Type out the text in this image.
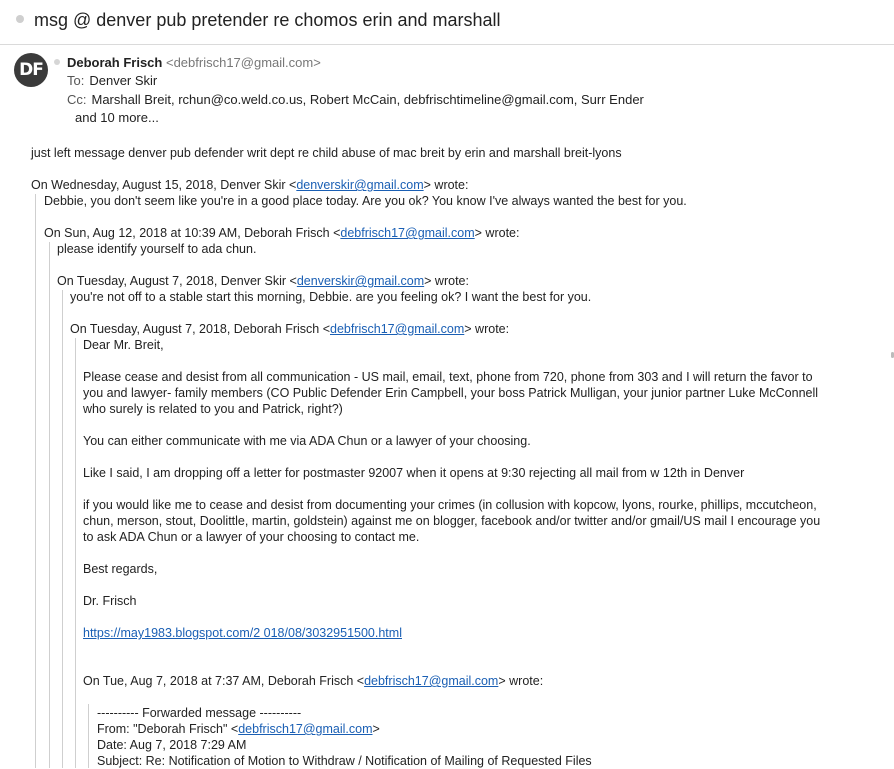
msg @ denver pub pretender re chomos erin and marshall
DF	Deborah Frisch <debfrisch17@gmail.com>
To: Denver Skir
Cc: Marshall Breit, rchun@co.weld.co.us, Robert McCain, debfrischtimeline@gmail.com, Surr Ender
and 10 more...
just left message denver pub defender writ dept re child abuse of mac breit by erin and marshall breit-lyons
On Wednesday, August 15, 2018, Denver Skir <denverskir@gmail.com> wrote:
Debbie, you don't seem like you're in a good place today. Are you ok? You know I've always wanted the best for you.
On Sun, Aug 12, 2018 at 10:39 AM, Deborah Frisch <debfrisch17@gmail.com> wrote:
please identify yourself to ada chun.
On Tuesday, August 7, 2018, Denver Skir <denverskir@gmail.com> wrote:
you're not off to a stable start this morning, Debbie. are you feeling ok? I want the best for you.
On Tuesday, August 7, 2018, Deborah Frisch <debfrisch17@gmail.com> wrote:
Dear Mr. Breit,
Please cease and desist from all communication - US mail, email, text, phone from 720, phone from 303 and I will return the favor to
you and lawyer- family members (CO Public Defender Erin Campbell, your boss Patrick Mulligan, your junior partner Luke McConnell
who surely is related to you and Patrick, right?)
You can either communicate with me via ADA Chun or a lawyer of your choosing.
Like I said, I am dropping off a letter for postmaster 92007 when it opens at 9:30 rejecting all mail from w 12th in Denver
if you would like me to cease and desist from documenting your crimes (in collusion with kopcow, lyons, rourke, phillips, mccutcheon,
chun, merson, stout, Doolittle, martin, goldstein) against me on blogger, facebook and/or twitter and/or gmail/US mail I encourage you
to ask ADA Chun or a lawyer of your choosing to contact me.
Best regards,
Dr. Frisch
https://may1983.blogspot.com/2 018/08/3032951500.html
On Tue, Aug 7, 2018 at 7:37 AM, Deborah Frisch <debfrisch17@gmail.com> wrote:
---------- Forwarded message ----------
From: "Deborah Frisch" <debfrisch17@gmail.com>
Date: Aug 7, 2018 7:29 AM
Subject: Re: Notification of Motion to Withdraw / Notification of Mailing of Requested Files
